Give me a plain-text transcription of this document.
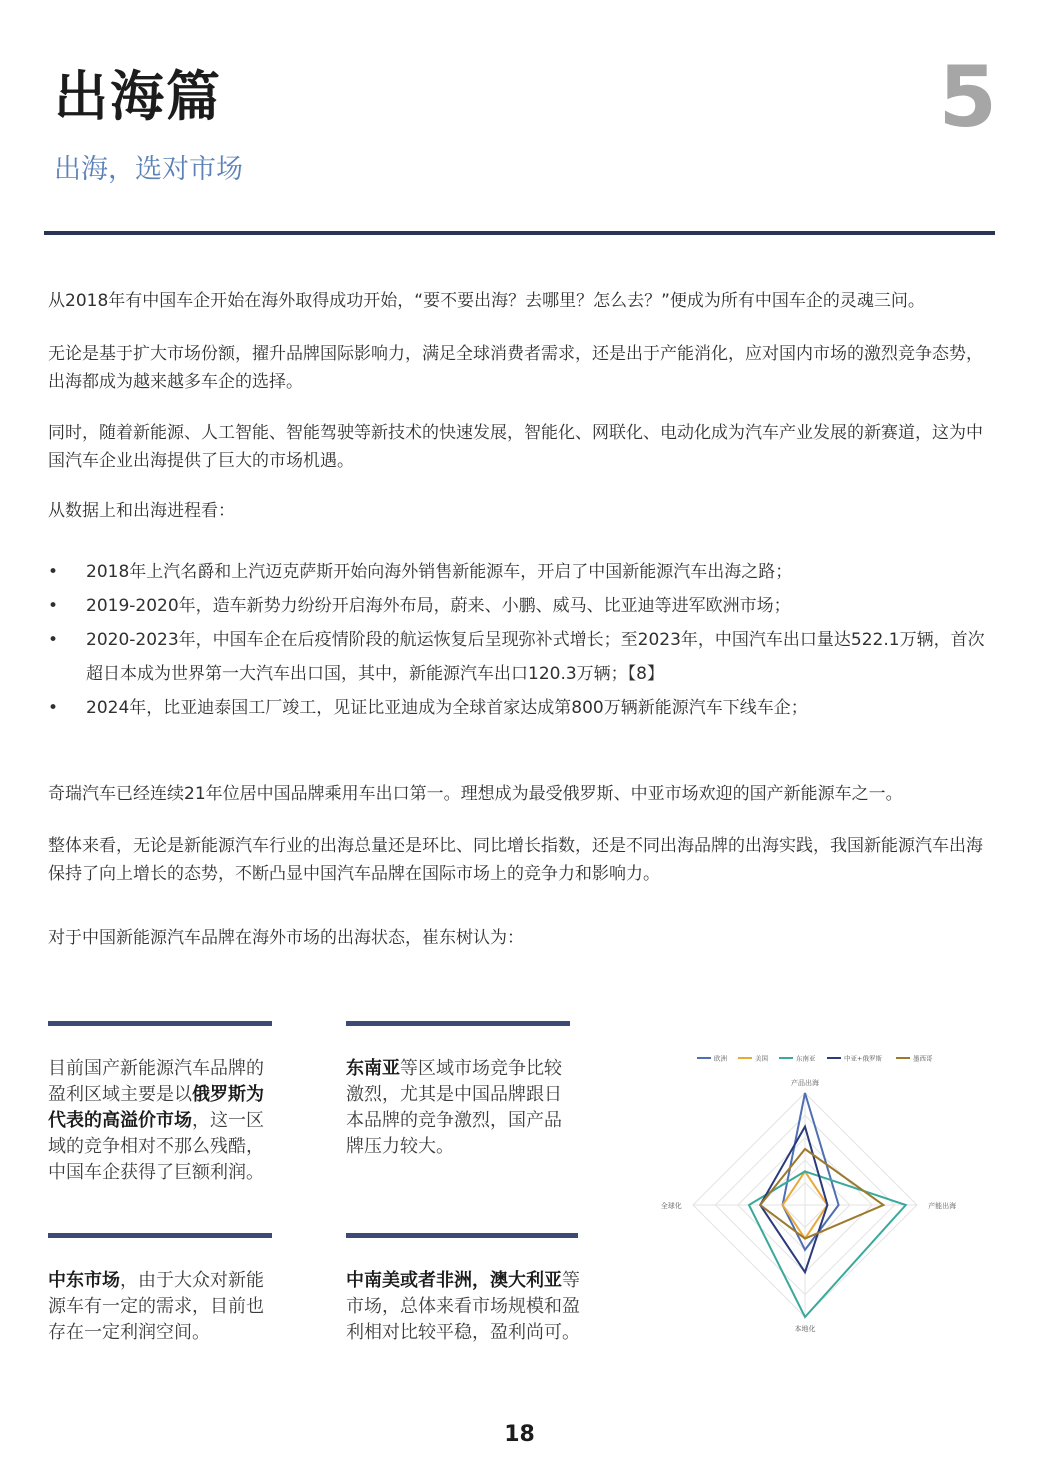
出海篇	5
出海，选对市场

从2018年有中国车企开始在海外取得成功开始，“要不要出海？去哪里？怎么去？”便成为所有中国车企的灵魂三问。

无论是基于扩大市场份额，擢升品牌国际影响力，满足全球消费者需求，还是出于产能消化，应对国内市场的激烈竞争态势，出海都成为越来越多车企的选择。

同时，随着新能源、人工智能、智能驾驶等新技术的快速发展，智能化、网联化、电动化成为汽车产业发展的新赛道，这为中国汽车企业出海提供了巨大的市场机遇。

从数据上和出海进程看：

• 2018年上汽名爵和上汽迈克萨斯开始向海外销售新能源车，开启了中国新能源汽车出海之路；
• 2019-2020年，造车新势力纷纷开启海外布局，蔚来、小鹏、威马、比亚迪等进军欧洲市场；
• 2020-2023年，中国车企在后疫情阶段的航运恢复后呈现弥补式增长；至2023年，中国汽车出口量达522.1万辆，首次超日本成为世界第一大汽车出口国，其中，新能源汽车出口120.3万辆；【8】
• 2024年，比亚迪泰国工厂竣工，见证比亚迪成为全球首家达成第800万辆新能源汽车下线车企；

奇瑞汽车已经连续21年位居中国品牌乘用车出口第一。理想成为最受俄罗斯、中亚市场欢迎的国产新能源车之一。

整体来看，无论是新能源汽车行业的出海总量还是环比、同比增长指数，还是不同出海品牌的出海实践，我国新能源汽车出海保持了向上增长的态势，不断凸显中国汽车品牌在国际市场上的竞争力和影响力。

对于中国新能源汽车品牌在海外市场的出海状态，崔东树认为：

目前国产新能源汽车品牌的盈利区域主要是以俄罗斯为代表的高溢价市场，这一区域的竞争相对不那么残酷，中国车企获得了巨额利润。
东南亚等区域市场竞争比较激烈，尤其是中国品牌跟日本品牌的竞争激烈，国产品牌压力较大。
中东市场，由于大众对新能源车有一定的需求，目前也存在一定利润空间。
中南美或者非洲，澳大利亚等市场，总体来看市场规模和盈利相对比较平稳，盈利尚可。
产品出海
产能出海
本地化
全球化
欧洲	美国	东南亚	中亚+俄罗斯	墨西哥
18
